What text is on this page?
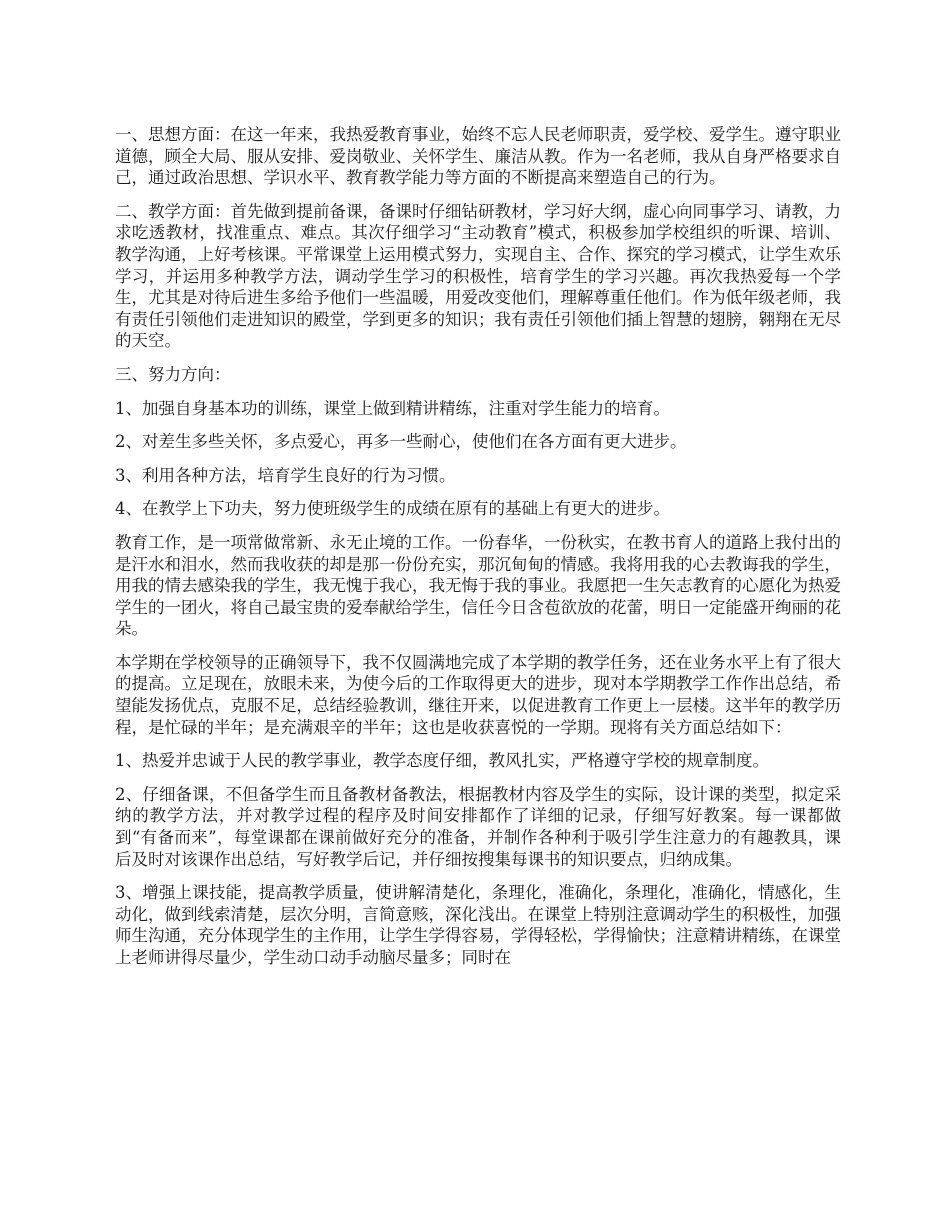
一、思想方面：在这一年来，我热爱教育事业，始终不忘人民老师职责，爱学校、爱学生。遵守职业道德，顾全大局、服从安排、爱岗敬业、关怀学生、廉洁从教。作为一名老师，我从自身严格要求自己，通过政治思想、学识水平、教育教学能力等方面的不断提高来塑造自己的行为。

二、教学方面：首先做到提前备课，备课时仔细钻研教材，学习好大纲，虚心向同事学习、请教，力求吃透教材，找准重点、难点。其次仔细学习“主动教育”模式，积极参加学校组织的听课、培训、教学沟通，上好考核课。平常课堂上运用模式努力，实现自主、合作、探究的学习模式，让学生欢乐学习，并运用多种教学方法，调动学生学习的积极性，培育学生的学习兴趣。再次我热爱每一个学生，尤其是对待后进生多给予他们一些温暖，用爱改变他们，理解尊重任他们。作为低年级老师，我有责任引领他们走进知识的殿堂，学到更多的知识；我有责任引领他们插上智慧的翅膀，翱翔在无尽的天空。

三、努力方向：

1、加强自身基本功的训练，课堂上做到精讲精练，注重对学生能力的培育。

2、对差生多些关怀，多点爱心，再多一些耐心，使他们在各方面有更大进步。

3、利用各种方法，培育学生良好的行为习惯。

4、在教学上下功夫，努力使班级学生的成绩在原有的基础上有更大的进步。

教育工作，是一项常做常新、永无止境的工作。一份春华，一份秋实，在教书育人的道路上我付出的是汗水和泪水，然而我收获的却是那一份份充实，那沉甸甸的情感。我将用我的心去教诲我的学生，用我的情去感染我的学生，我无愧于我心，我无悔于我的事业。我愿把一生矢志教育的心愿化为热爱学生的一团火，将自己最宝贵的爱奉献给学生，信任今日含苞欲放的花蕾，明日一定能盛开绚丽的花朵。

本学期在学校领导的正确领导下，我不仅圆满地完成了本学期的教学任务，还在业务水平上有了很大的提高。立足现在，放眼未来，为使今后的工作取得更大的进步，现对本学期教学工作作出总结，希望能发扬优点，克服不足，总结经验教训，继往开来，以促进教育工作更上一层楼。这半年的教学历程，是忙碌的半年；是充满艰辛的半年；这也是收获喜悦的一学期。现将有关方面总结如下：

1、热爱并忠诚于人民的教学事业，教学态度仔细，教风扎实，严格遵守学校的规章制度。

2、仔细备课，不但备学生而且备教材备教法，根据教材内容及学生的实际，设计课的类型，拟定采纳的教学方法，并对教学过程的程序及时间安排都作了详细的记录，仔细写好教案。每一课都做到“有备而来”，每堂课都在课前做好充分的准备，并制作各种利于吸引学生注意力的有趣教具，课后及时对该课作出总结，写好教学后记，并仔细按搜集每课书的知识要点，归纳成集。

3、增强上课技能，提高教学质量，使讲解清楚化，条理化，准确化，条理化，准确化，情感化，生动化，做到线索清楚，层次分明，言简意赅，深化浅出。在课堂上特别注意调动学生的积极性，加强师生沟通，充分体现学生的主作用，让学生学得容易，学得轻松，学得愉快；注意精讲精练，在课堂上老师讲得尽量少，学生动口动手动脑尽量多；同时在
